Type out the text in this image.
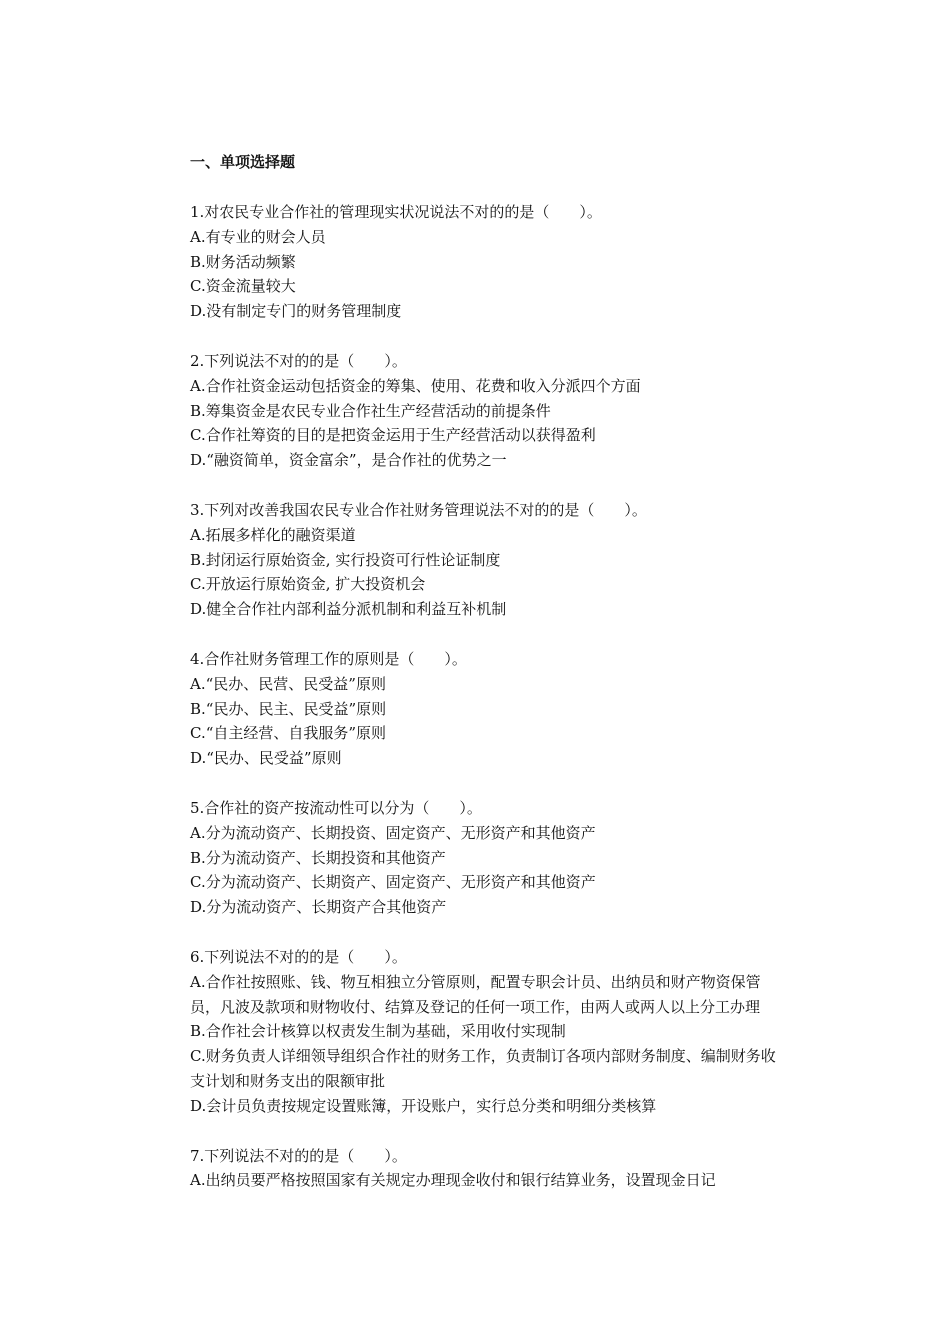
一、单项选择题
1.对农民专业合作社的管理现实状况说法不对的的是（　　）。
A.有专业的财会人员
B.财务活动频繁
C.资金流量较大
D.没有制定专门的财务管理制度
2.下列说法不对的的是（　　）。
A.合作社资金运动包括资金的筹集、使用、花费和收入分派四个方面
B.筹集资金是农民专业合作社生产经营活动的前提条件
C.合作社筹资的目的是把资金运用于生产经营活动以获得盈利
D.“融资简单，资金富余”，是合作社的优势之一
3.下列对改善我国农民专业合作社财务管理说法不对的的是（　　）。
A.拓展多样化的融资渠道
B.封闭运行原始资金, 实行投资可行性论证制度
C.开放运行原始资金, 扩大投资机会
D.健全合作社内部利益分派机制和利益互补机制
4.合作社财务管理工作的原则是（　　）。
A.“民办、民营、民受益”原则
B.“民办、民主、民受益”原则
C.“自主经营、自我服务”原则
D.“民办、民受益”原则
5.合作社的资产按流动性可以分为（　　）。
A.分为流动资产、长期投资、固定资产、无形资产和其他资产
B.分为流动资产、长期投资和其他资产
C.分为流动资产、长期资产、固定资产、无形资产和其他资产
D.分为流动资产、长期资产合其他资产
6.下列说法不对的的是（　　）。
A.合作社按照账、钱、物互相独立分管原则，配置专职会计员、出纳员和财产物资保管员，凡波及款项和财物收付、结算及登记的任何一项工作，由两人或两人以上分工办理
B.合作社会计核算以权责发生制为基础，采用收付实现制
C.财务负责人详细领导组织合作社的财务工作，负责制订各项内部财务制度、编制财务收支计划和财务支出的限额审批
D.会计员负责按规定设置账簿，开设账户，实行总分类和明细分类核算
7.下列说法不对的的是（　　）。
A.出纳员要严格按照国家有关规定办理现金收付和银行结算业务，设置现金日记
